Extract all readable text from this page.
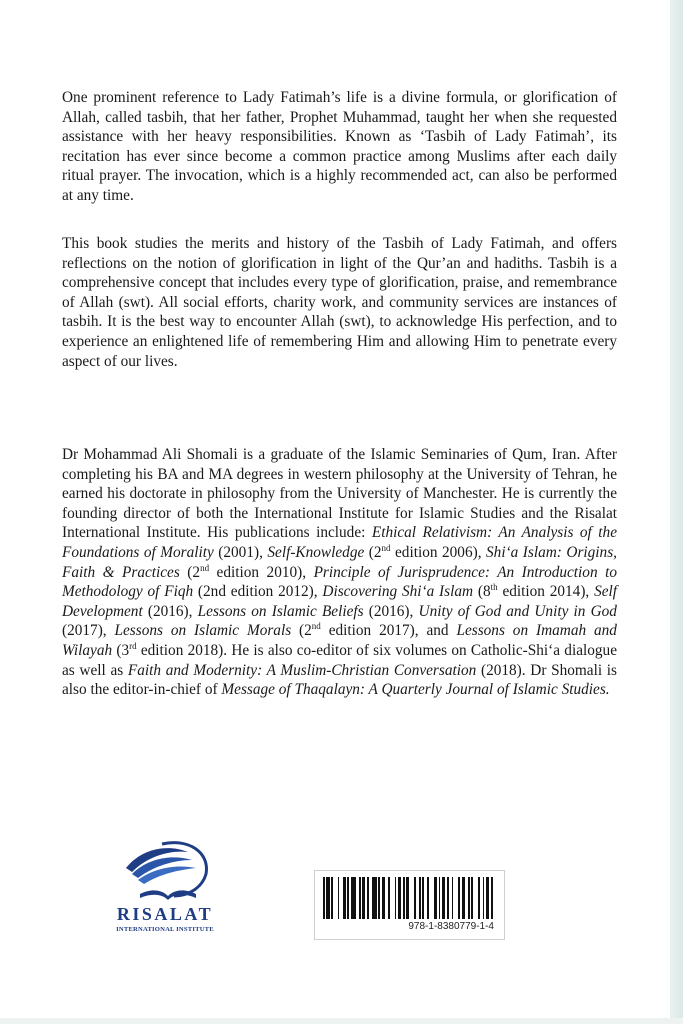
One prominent reference to Lady Fatimah’s life is a divine formula, or glorification of Allah, called tasbih, that her father, Prophet Muhammad, taught her when she requested assistance with her heavy responsibilities. Known as ‘Tasbih of Lady Fatimah’, its recitation has ever since become a common practice among Muslims after each daily ritual prayer. The invocation, which is a highly recommended act, can also be performed at any time.

This book studies the merits and history of the Tasbih of Lady Fatimah, and offers reflections on the notion of glorification in light of the Qur’an and hadiths. Tasbih is a comprehensive concept that includes every type of glorification, praise, and remembrance of Allah (swt). All social efforts, charity work, and community services are instances of tasbih. It is the best way to encounter Allah (swt), to acknowledge His perfection, and to experience an enlightened life of remembering Him and allowing Him to penetrate every aspect of our lives.

Dr Mohammad Ali Shomali is a graduate of the Islamic Seminaries of Qum, Iran. After completing his BA and MA degrees in western philosophy at the University of Tehran, he earned his doctorate in philosophy from the University of Manchester. He is currently the founding director of both the International Institute for Islamic Studies and the Risalat International Institute. His publications include: Ethical Relativism: An Analysis of the Foundations of Morality (2001), Self-Knowledge (2nd edition 2006), Shi‘a Islam: Origins, Faith & Practices (2nd edition 2010), Principle of Jurisprudence: An Introduction to Methodology of Fiqh (2nd edition 2012), Discovering Shi‘a Islam (8th edition 2014), Self Development (2016), Lessons on Islamic Beliefs (2016), Unity of God and Unity in God (2017), Lessons on Islamic Morals (2nd edition 2017), and Lessons on Imamah and Wilayah (3rd edition 2018). He is also co-editor of six volumes on Catholic-Shi‘a dialogue as well as Faith and Modernity: A Muslim-Christian Conversation (2018). Dr Shomali is also the editor-in-chief of Message of Thaqalayn: A Quarterly Journal of Islamic Studies.

RISALAT
INTERNATIONAL INSTITUTE	978-1-8380779-1-4
